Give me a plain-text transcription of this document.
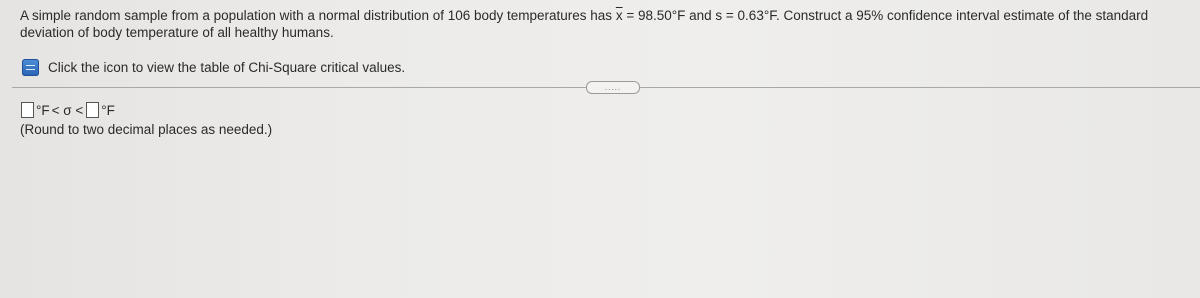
A simple random sample from a population with a normal distribution of 106 body temperatures has $\overline{x} = 98.50^\circ F$ and s = 0.63°F. Construct a 95% confidence interval estimate of the standard deviation of body temperature of all healthy humans.
Click the icon to view the table of Chi-Square critical values.
.....
°F < σ < °F
(Round to two decimal places as needed.)
